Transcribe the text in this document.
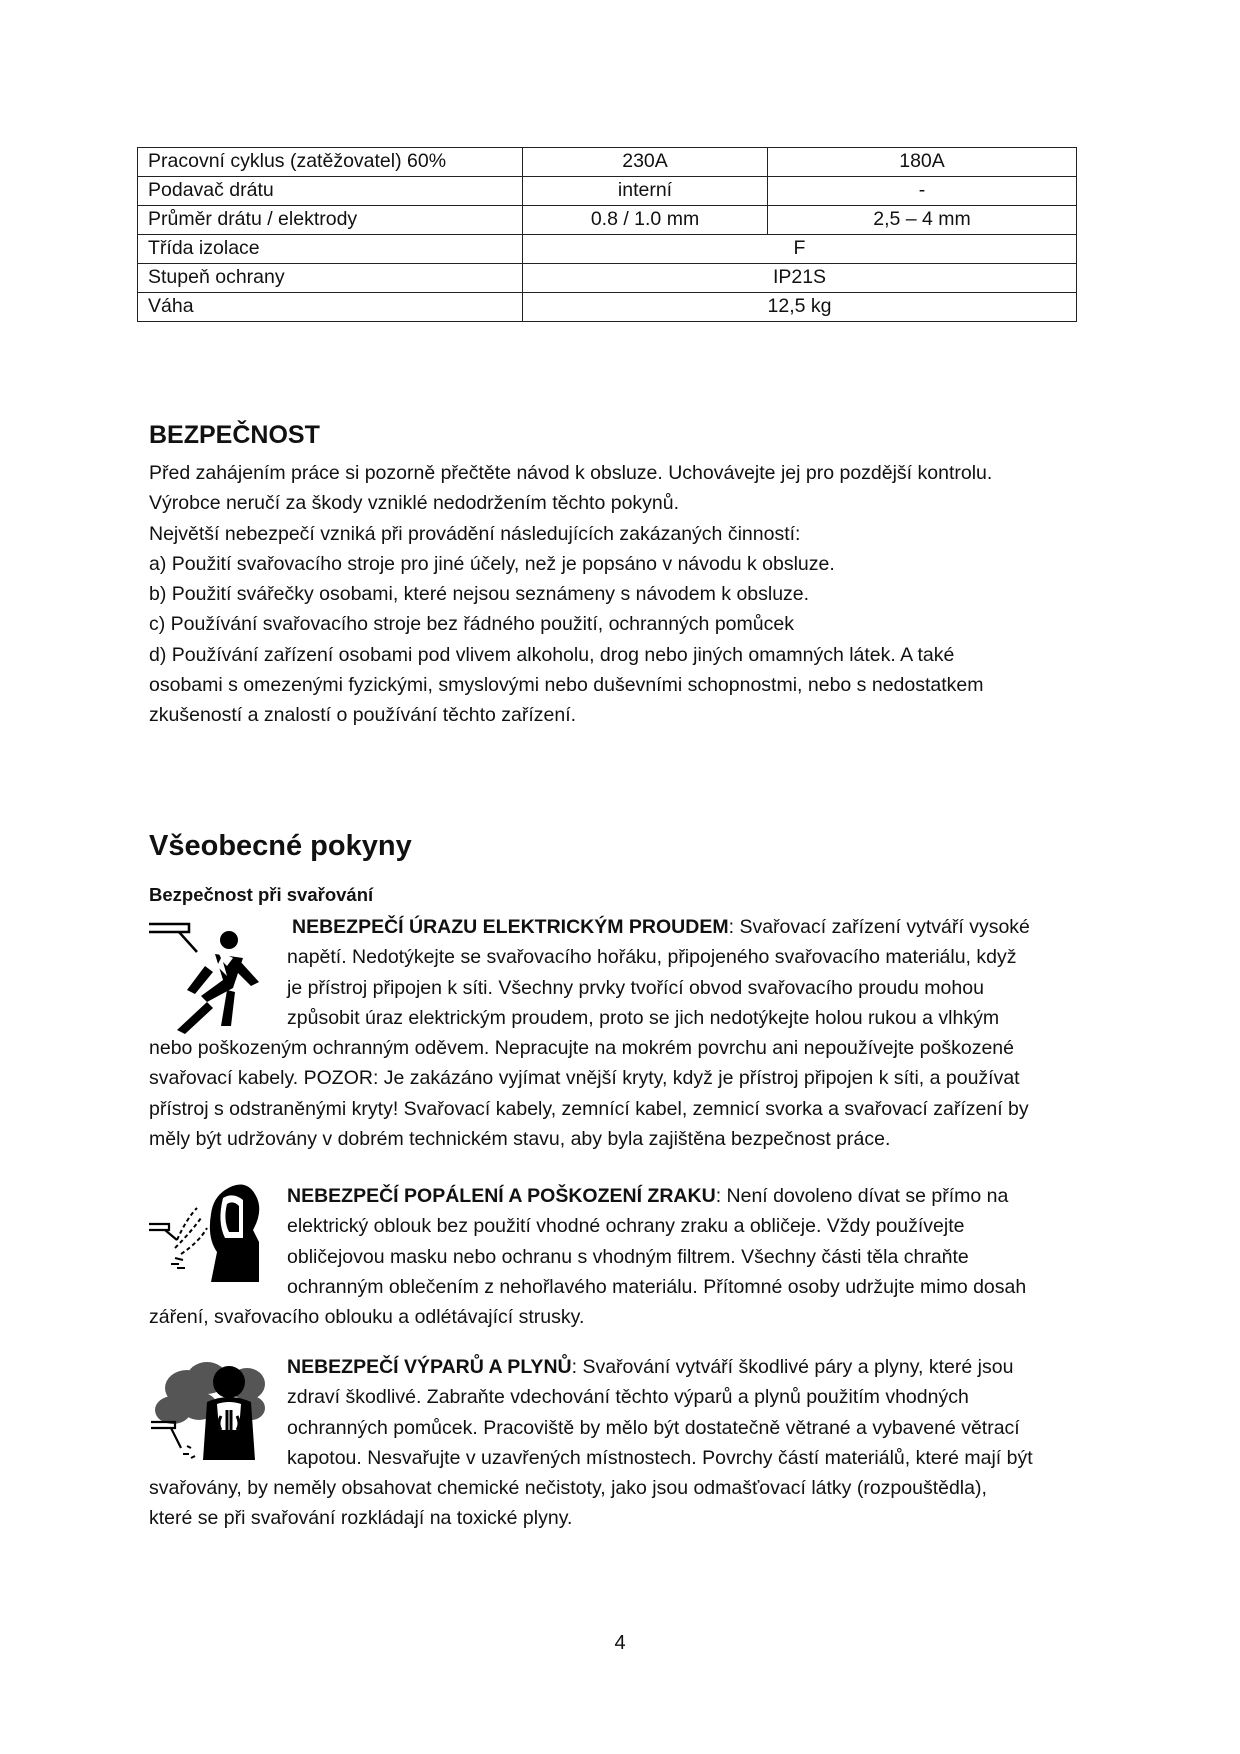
Pracovní cyklus (zatěžovatel) 60%	230A	180A
Podavač drátu	interní	-
Průměr drátu / elektrody	0.8 / 1.0 mm	2,5 – 4 mm
Třída izolace	F	
Stupeň ochrany	IP21S	
Váha	12,5 kg	
BEZPEČNOST
Před zahájením práce si pozorně přečtěte návod k obsluze. Uchovávejte jej pro pozdější kontrolu.
Výrobce neručí za škody vzniklé nedodržením těchto pokynů.
Největší nebezpečí vzniká při provádění následujících zakázaných činností:
a) Použití svařovacího stroje pro jiné účely, než je popsáno v návodu k obsluze.
b) Použití svářečky osobami, které nejsou seznámeny s návodem k obsluze.
c) Používání svařovacího stroje bez řádného použití, ochranných pomůcek
d) Používání zařízení osobami pod vlivem alkoholu, drog nebo jiných omamných látek. A také
osobami s omezenými fyzickými, smyslovými nebo duševními schopnostmi, nebo s nedostatkem
zkušeností a znalostí o používání těchto zařízení.
Všeobecné pokyny
Bezpečnost při svařování
NEBEZPEČÍ ÚRAZU ELEKTRICKÝM PROUDEM: Svařovací zařízení vytváří vysoké
napětí. Nedotýkejte se svařovacího hořáku, připojeného svařovacího materiálu, když
je přístroj připojen k síti. Všechny prvky tvořící obvod svařovacího proudu mohou
způsobit úraz elektrickým proudem, proto se jich nedotýkejte holou rukou a vlhkým
nebo poškozeným ochranným oděvem. Nepracujte na mokrém povrchu ani nepoužívejte poškozené
svařovací kabely. POZOR: Je zakázáno vyjímat vnější kryty, když je přístroj připojen k síti, a používat
přístroj s odstraněnými kryty! Svařovací kabely, zemnící kabel, zemnicí svorka a svařovací zařízení by
měly být udržovány v dobrém technickém stavu, aby byla zajištěna bezpečnost práce.
NEBEZPEČÍ POPÁLENÍ A POŠKOZENÍ ZRAKU: Není dovoleno dívat se přímo na
elektrický oblouk bez použití vhodné ochrany zraku a obličeje. Vždy používejte
obličejovou masku nebo ochranu s vhodným filtrem. Všechny části těla chraňte
ochranným oblečením z nehořlavého materiálu. Přítomné osoby udržujte mimo dosah
záření, svařovacího oblouku a odlétávající strusky.
NEBEZPEČÍ VÝPARŮ A PLYNŮ: Svařování vytváří škodlivé páry a plyny, které jsou
zdraví škodlivé. Zabraňte vdechování těchto výparů a plynů použitím vhodných
ochranných pomůcek. Pracoviště by mělo být dostatečně větrané a vybavené větrací
kapotou. Nesvařujte v uzavřených místnostech. Povrchy částí materiálů, které mají být
svařovány, by neměly obsahovat chemické nečistoty, jako jsou odmašťovací látky (rozpouštědla),
které se při svařování rozkládají na toxické plyny.
4
